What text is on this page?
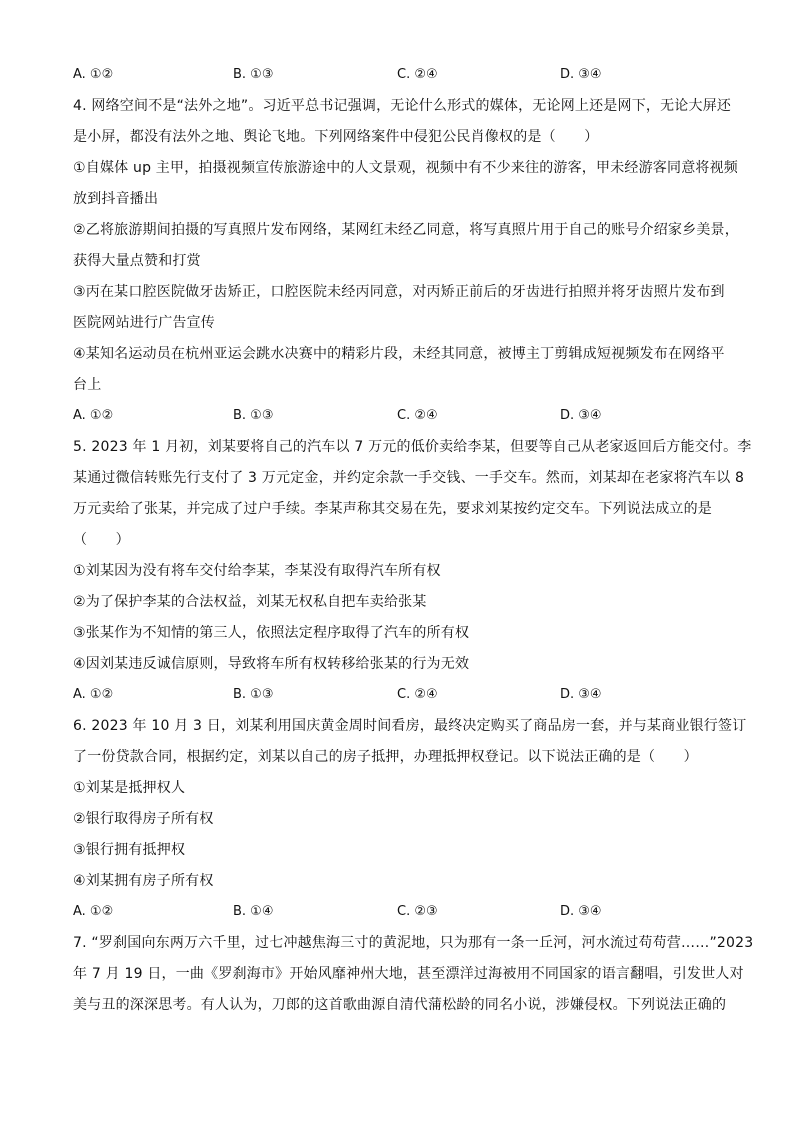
A. ①②	B. ①③	C. ②④	D. ③④
4. 网络空间不是“法外之地”。习近平总书记强调，无论什么形式的媒体，无论网上还是网下，无论大屏还
是小屏，都没有法外之地、舆论飞地。下列网络案件中侵犯公民肖像权的是（　　）
①自媒体 up 主甲，拍摄视频宣传旅游途中的人文景观，视频中有不少来往的游客，甲未经游客同意将视频
放到抖音播出
②乙将旅游期间拍摄的写真照片发布网络，某网红未经乙同意，将写真照片用于自己的账号介绍家乡美景，
获得大量点赞和打赏
③丙在某口腔医院做牙齿矫正，口腔医院未经丙同意，对丙矫正前后的牙齿进行拍照并将牙齿照片发布到
医院网站进行广告宣传
④某知名运动员在杭州亚运会跳水决赛中的精彩片段，未经其同意，被博主丁剪辑成短视频发布在网络平
台上
A. ①②	B. ①③	C. ②④	D. ③④
5. 2023 年 1 月初，刘某要将自己的汽车以 7 万元的低价卖给李某，但要等自己从老家返回后方能交付。李
某通过微信转账先行支付了 3 万元定金，并约定余款一手交钱、一手交车。然而，刘某却在老家将汽车以 8
万元卖给了张某，并完成了过户手续。李某声称其交易在先，要求刘某按约定交车。下列说法成立的是
（　　）
①刘某因为没有将车交付给李某，李某没有取得汽车所有权
②为了保护李某的合法权益，刘某无权私自把车卖给张某
③张某作为不知情的第三人，依照法定程序取得了汽车的所有权
④因刘某违反诚信原则，导致将车所有权转移给张某的行为无效
A. ①②	B. ①③	C. ②④	D. ③④
6. 2023 年 10 月 3 日，刘某利用国庆黄金周时间看房，最终决定购买了商品房一套，并与某商业银行签订
了一份贷款合同，根据约定，刘某以自己的房子抵押，办理抵押权登记。以下说法正确的是（　　）
①刘某是抵押权人
②银行取得房子所有权
③银行拥有抵押权
④刘某拥有房子所有权
A. ①②	B. ①④	C. ②③	D. ③④
7. “罗刹国向东两万六千里，过七冲越焦海三寸的黄泥地，只为那有一条一丘河，河水流过苟苟营……”2023
年 7 月 19 日，一曲《罗刹海市》开始风靡神州大地，甚至漂洋过海被用不同国家的语言翻唱，引发世人对
美与丑的深深思考。有人认为，刀郎的这首歌曲源自清代蒲松龄的同名小说，涉嫌侵权。下列说法正确的
